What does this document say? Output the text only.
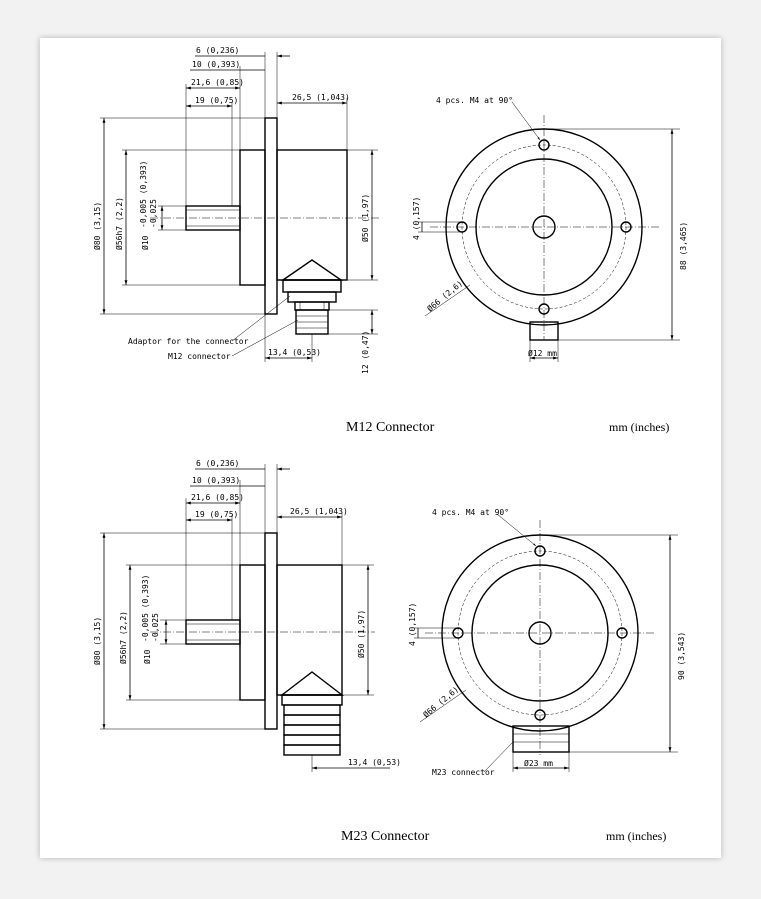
6 (0,236)
10 (0,393)
21,6 (0,85)
19 (0,75)	26,5 (1,043)
Ø80 (3,15) Ø56h7 (2,2) Ø10
-0,005 (0,393) -0,025	Ø50 (1,97)
12 (0,47)
13,4 (0,53)
Adaptor for the connector
M12 connector
4 pcs. M4 at 90°
88 (3,465)
4 (0,157)
Ø66 (2,6)
Ø12 mm
M12 Connector	mm (inches)
6 (0,236)
10 (0,393)
21,6 (0,85)
19 (0,75)	26,5 (1,043)
Ø80 (3,15) Ø56h7 (2,2) Ø10
-0,005 (0,393) -0,025	Ø50 (1,97)
13,4 (0,53)
4 pcs. M4 at 90°
90 (3,543)
4 (0,157)
Ø66 (2,6)
M23 connector
Ø23 mm
M23 Connector	mm (inches)
